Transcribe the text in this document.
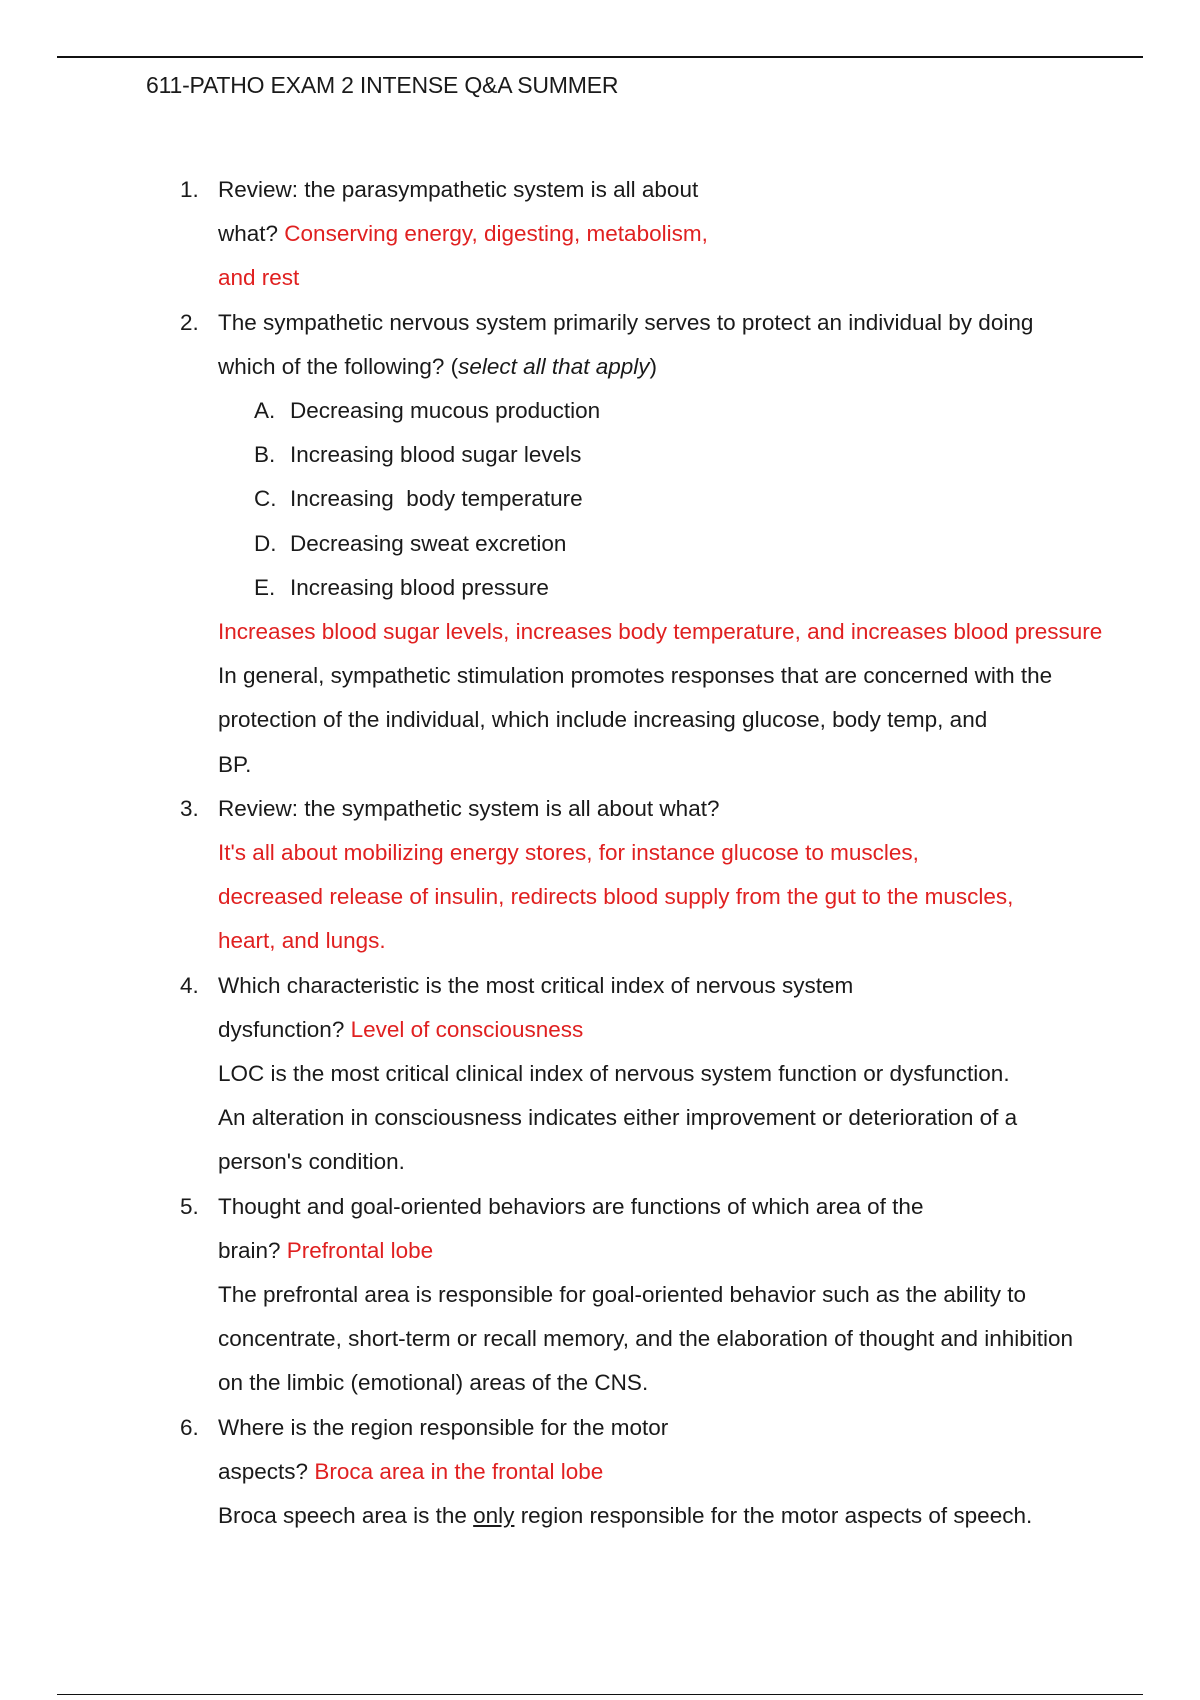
611-PATHO EXAM 2 INTENSE Q&A SUMMER
1. Review: the parasympathetic system is all about
what? Conserving energy, digesting, metabolism,
and rest
2. The sympathetic nervous system primarily serves to protect an individual by doing
which of the following? (select all that apply)
A. Decreasing mucous production
B. Increasing blood sugar levels
C. Increasing  body temperature
D. Decreasing sweat excretion
E. Increasing blood pressure
Increases blood sugar levels, increases body temperature, and increases blood pressure
In general, sympathetic stimulation promotes responses that are concerned with the
protection of the individual, which include increasing glucose, body temp, and
BP.
3. Review: the sympathetic system is all about what?
It's all about mobilizing energy stores, for instance glucose to muscles,
decreased release of insulin, redirects blood supply from the gut to the muscles,
heart, and lungs.
4. Which characteristic is the most critical index of nervous system
dysfunction? Level of consciousness
LOC is the most critical clinical index of nervous system function or dysfunction.
An alteration in consciousness indicates either improvement or deterioration of a
person's condition.
5. Thought and goal-oriented behaviors are functions of which area of the
brain? Prefrontal lobe
The prefrontal area is responsible for goal-oriented behavior such as the ability to
concentrate, short-term or recall memory, and the elaboration of thought and inhibition
on the limbic (emotional) areas of the CNS.
6. Where is the region responsible for the motor
aspects? Broca area in the frontal lobe
Broca speech area is the only region responsible for the motor aspects of speech.
